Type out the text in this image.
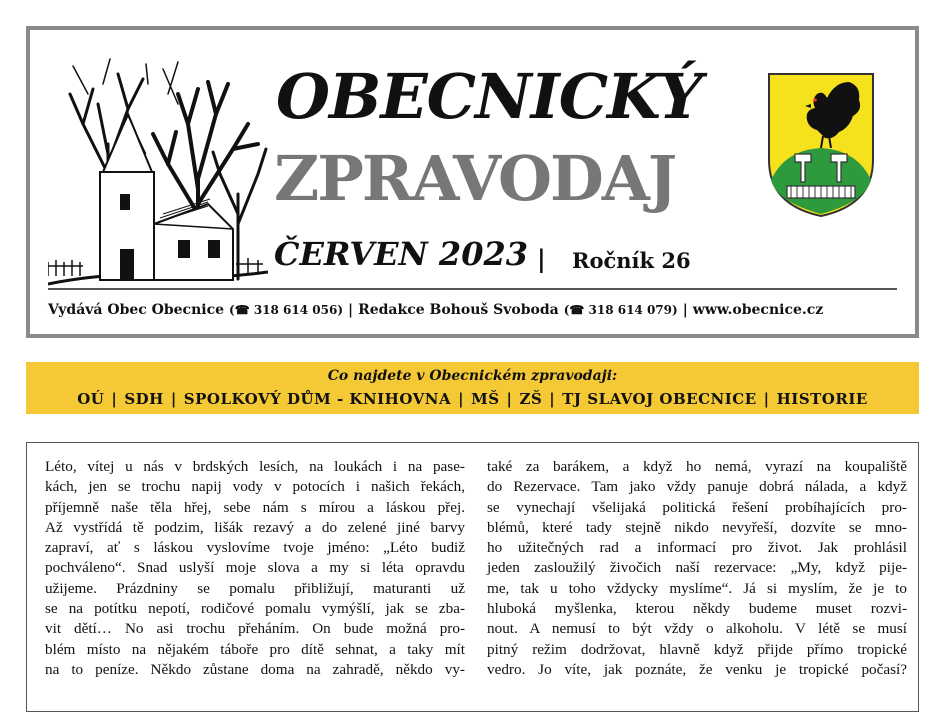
OBECNICKÝ
ZPRAVODAJ
ČERVEN 2023 | Ročník 26
Vydává Obec Obecnice (☎ 318 614 056) | Redakce Bohouš Svoboda (☎ 318 614 079) | www.obecnice.cz
Co najdete v Obecnickém zpravodaji:
OÚ | SDH | SPOLKOVÝ DŮM - KNIHOVNA | MŠ | ZŠ | TJ SLAVOJ OBECNICE | HISTORIE
Léto, vítej u nás v brdských lesích, na loukách i na pase-
kách, jen se trochu napij vody v potocích i našich řekách,
příjemně naše těla hřej, sebe nám s mírou a láskou přej.
Až vystřídá tě podzim, lišák rezavý a do zelené jiné barvy
zapraví, ať s láskou vyslovíme tvoje jméno: „Léto budiž
pochváleno“. Snad uslyší moje slova a my si léta opravdu
užijeme. Prázdniny se pomalu přibližují, maturanti už
se na potítku nepotí, rodičové pomalu vymýšlí, jak se zba-
vit dětí… No asi trochu přeháním. On bude možná pro-
blém místo na nějakém táboře pro dítě sehnat, a taky mít
na to peníze. Někdo zůstane doma na zahradě, někdo vy-
také za barákem, a když ho nemá, vyrazí na koupaliště
do Rezervace. Tam jako vždy panuje dobrá nálada, a když
se vynechají všelijaká politická řešení probíhajících pro-
blémů, které tady stejně nikdo nevyřeší, dozvíte se mno-
ho užitečných rad a informací pro život. Jak prohlásil
jeden zasloužilý živočich naší rezervace: „My, když pije-
me, tak u toho vždycky myslíme“. Já si myslím, že je to
hluboká myšlenka, kterou někdy budeme muset rozvi-
nout. A nemusí to být vždy o alkoholu. V létě se musí
pitný režim dodržovat, hlavně když přijde přímo tropické
vedro. Jo víte, jak poznáte, že venku je tropické počasí?
